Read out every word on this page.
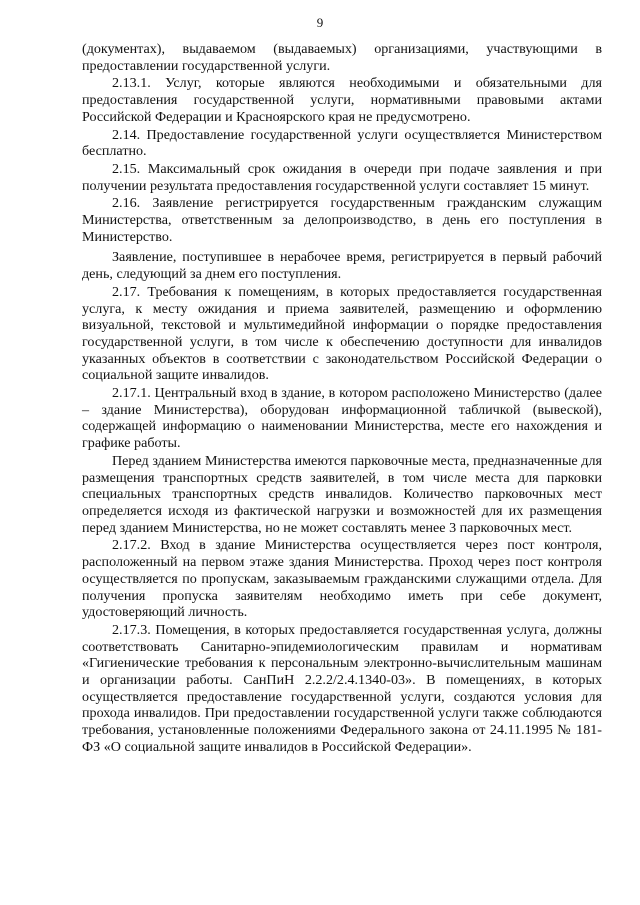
9

(документах), выдаваемом (выдаваемых) организациями, участвующими в предоставлении государственной услуги.

2.13.1. Услуг, которые являются необходимыми и обязательными для предоставления государственной услуги, нормативными правовыми актами Российской Федерации и Красноярского края не предусмотрено.

2.14. Предоставление государственной услуги осуществляется Министерством бесплатно.

2.15. Максимальный срок ожидания в очереди при подаче заявления и при получении результата предоставления государственной услуги составляет 15 минут.

2.16. Заявление регистрируется государственным гражданским служащим Министерства, ответственным за делопроизводство, в день его поступления в Министерство.

Заявление, поступившее в нерабочее время, регистрируется в первый рабочий день, следующий за днем его поступления.

2.17. Требования к помещениям, в которых предоставляется государственная услуга, к месту ожидания и приема заявителей, размещению и оформлению визуальной, текстовой и мультимедийной информации о порядке предоставления государственной услуги, в том числе к обеспечению доступности для инвалидов указанных объектов в соответствии с законодательством Российской Федерации о социальной защите инвалидов.

2.17.1. Центральный вход в здание, в котором расположено Министерство (далее – здание Министерства), оборудован информационной табличкой (вывеской), содержащей информацию о наименовании Министерства, месте его нахождения и графике работы.

Перед зданием Министерства имеются парковочные места, предназначенные для размещения транспортных средств заявителей, в том числе места для парковки специальных транспортных средств инвалидов. Количество парковочных мест определяется исходя из фактической нагрузки и возможностей для их размещения перед зданием Министерства, но не может составлять менее 3 парковочных мест.

2.17.2. Вход в здание Министерства осуществляется через пост контроля, расположенный на первом этаже здания Министерства. Проход через пост контроля осуществляется по пропускам, заказываемым гражданскими служащими отдела. Для получения пропуска заявителям необходимо иметь при себе документ, удостоверяющий личность.

2.17.3. Помещения, в которых предоставляется государственная услуга, должны соответствовать Санитарно-эпидемиологическим правилам и нормативам «Гигиенические требования к персональным электронно-вычислительным машинам и организации работы. СанПиН 2.2.2/2.4.1340-03». В помещениях, в которых осуществляется предоставление государственной услуги, создаются условия для прохода инвалидов. При предоставлении государственной услуги также соблюдаются требования, установленные положениями Федерального закона от 24.11.1995 № 181-ФЗ «О социальной защите инвалидов в Российской Федерации».
